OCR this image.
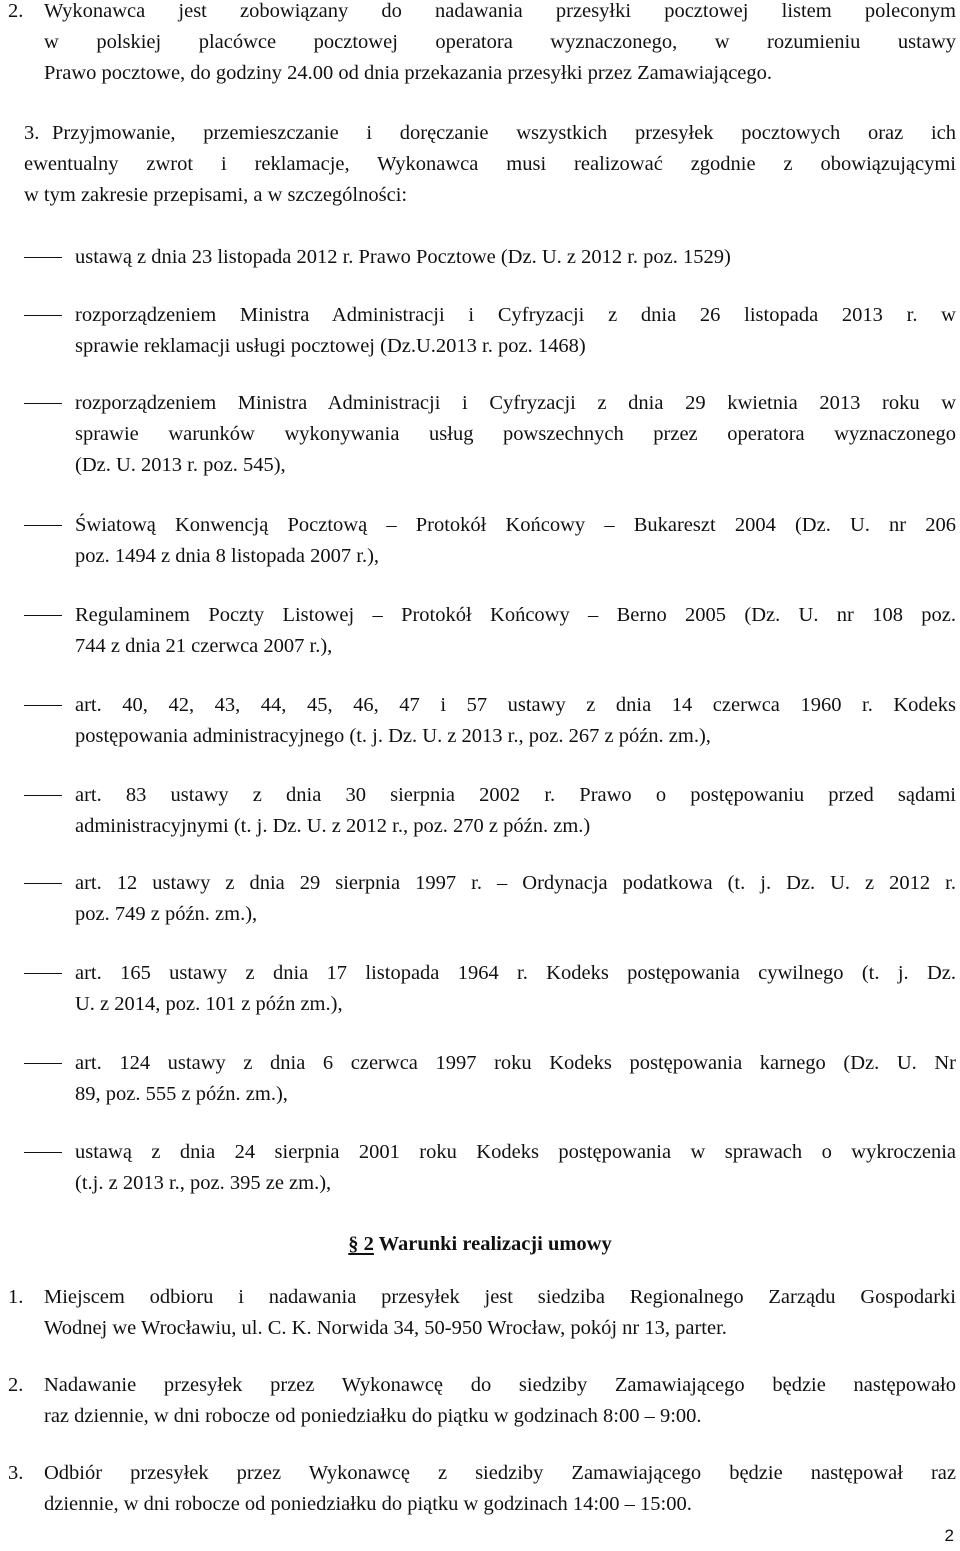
2. Wykonawca jest zobowiązany do nadawania przesyłki pocztowej listem poleconym
w polskiej placówce pocztowej operatora wyznaczonego, w rozumieniu ustawy
Prawo pocztowe, do godziny 24.00 od dnia przekazania przesyłki przez Zamawiającego.
3. Przyjmowanie, przemieszczanie i doręczanie wszystkich przesyłek pocztowych oraz ich
ewentualny zwrot i reklamacje, Wykonawca musi realizować zgodnie z obowiązującymi
w tym zakresie przepisami, a w szczególności:
ustawą z dnia 23 listopada 2012 r. Prawo Pocztowe (Dz. U. z 2012 r. poz. 1529)
rozporządzeniem Ministra Administracji i Cyfryzacji z dnia 26 listopada 2013 r. w
sprawie reklamacji usługi pocztowej (Dz.U.2013 r. poz. 1468)
rozporządzeniem Ministra Administracji i Cyfryzacji z dnia 29 kwietnia 2013 roku w
sprawie warunków wykonywania usług powszechnych przez operatora wyznaczonego
(Dz. U. 2013 r. poz. 545),
Światową Konwencją Pocztową – Protokół Końcowy – Bukareszt 2004 (Dz. U. nr 206
poz. 1494 z dnia 8 listopada 2007 r.),
Regulaminem Poczty Listowej – Protokół Końcowy – Berno 2005 (Dz. U. nr 108 poz.
744 z dnia 21 czerwca 2007 r.),
art. 40, 42, 43, 44, 45, 46, 47 i 57 ustawy z dnia 14 czerwca 1960 r. Kodeks
postępowania administracyjnego (t. j. Dz. U. z 2013 r., poz. 267 z późn. zm.),
art. 83 ustawy z dnia 30 sierpnia 2002 r. Prawo o postępowaniu przed sądami
administracyjnymi (t. j. Dz. U. z 2012 r., poz. 270 z późn. zm.)
art. 12 ustawy z dnia 29 sierpnia 1997 r. – Ordynacja podatkowa (t. j. Dz. U. z 2012 r.
poz. 749 z późn. zm.),
art. 165 ustawy z dnia 17 listopada 1964 r. Kodeks postępowania cywilnego (t. j. Dz.
U. z 2014, poz. 101 z późn zm.),
art. 124 ustawy z dnia 6 czerwca 1997 roku Kodeks postępowania karnego (Dz. U. Nr
89, poz. 555 z późn. zm.),
ustawą z dnia 24 sierpnia 2001 roku Kodeks postępowania w sprawach o wykroczenia
(t.j. z 2013 r., poz. 395 ze zm.),
§ 2 Warunki realizacji umowy
1. Miejscem odbioru i nadawania przesyłek jest siedziba Regionalnego Zarządu Gospodarki
Wodnej we Wrocławiu, ul. C. K. Norwida 34, 50-950 Wrocław, pokój nr 13, parter.
2. Nadawanie przesyłek przez Wykonawcę do siedziby Zamawiającego będzie następowało
raz dziennie, w dni robocze od poniedziałku do piątku w godzinach 8:00 – 9:00.
3. Odbiór przesyłek przez Wykonawcę z siedziby Zamawiającego będzie następował raz
dziennie, w dni robocze od poniedziałku do piątku w godzinach 14:00 – 15:00.
2
